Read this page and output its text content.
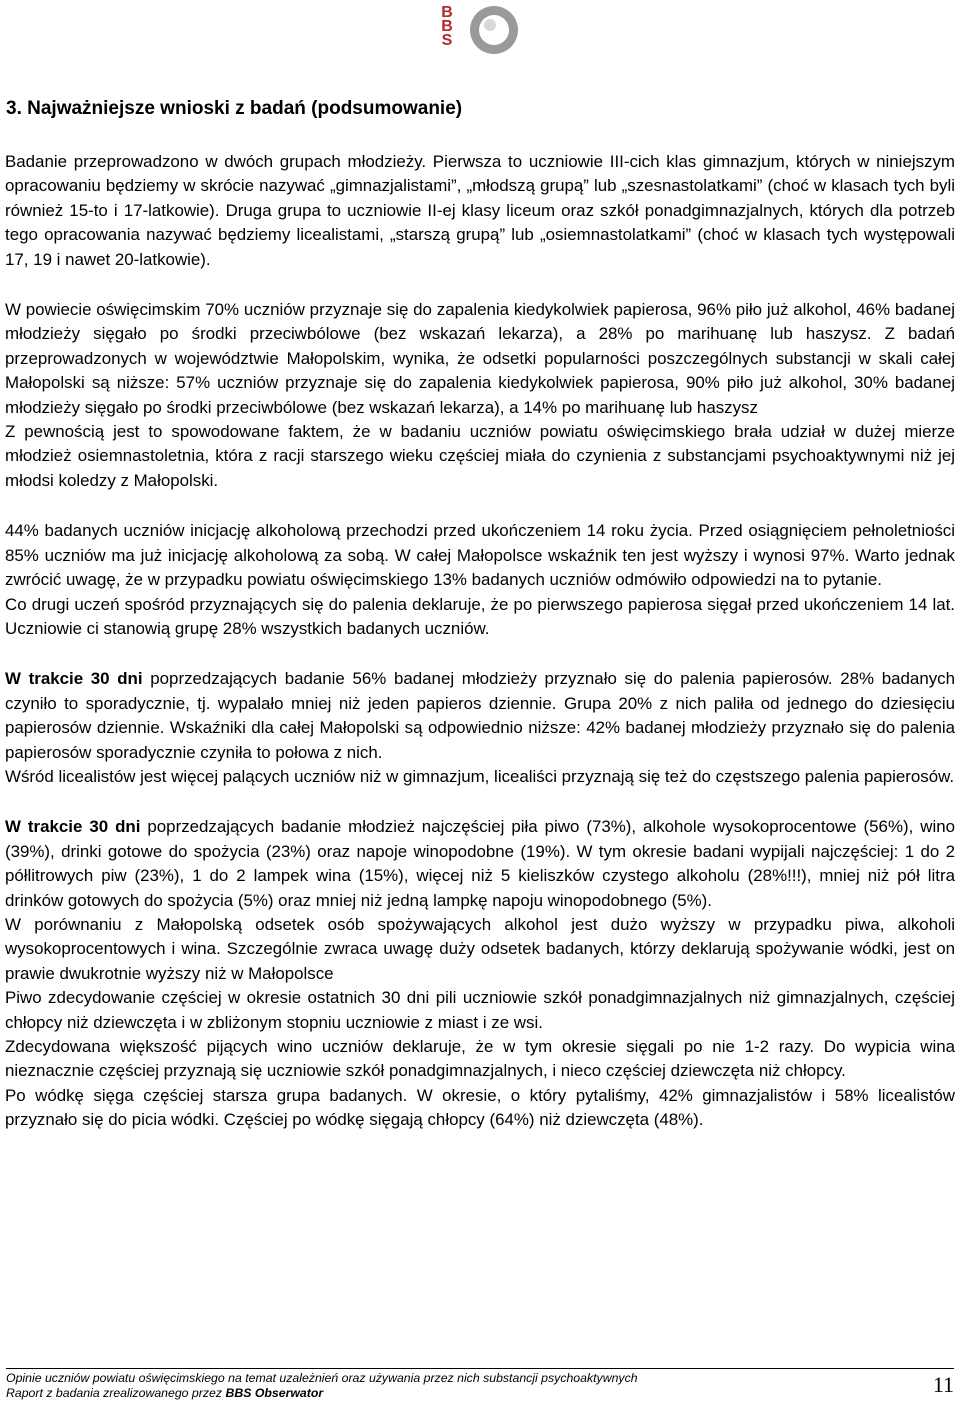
B
B
S
3. Najważniejsze wnioski z badań (podsumowanie)

Badanie przeprowadzono w dwóch grupach młodzieży. Pierwsza to uczniowie III-cich klas gimnazjum, których w niniejszym opracowaniu będziemy w skrócie nazywać „gimnazjalistami”, „młodszą grupą” lub „szesnastolatkami” (choć w klasach tych byli również 15-to i 17-latkowie). Druga grupa to uczniowie II-ej klasy liceum oraz szkół ponadgimnazjalnych, których dla potrzeb tego opracowania nazywać będziemy licealistami, „starszą grupą” lub „osiemnastolatkami” (choć w klasach tych występowali 17, 19 i nawet 20-latkowie).

W powiecie oświęcimskim 70% uczniów przyznaje się do zapalenia kiedykolwiek papierosa, 96% piło już alkohol, 46% badanej młodzieży sięgało po środki przeciwbólowe (bez wskazań lekarza), a 28% po marihuanę lub haszysz. Z badań przeprowadzonych w województwie Małopolskim, wynika, że odsetki popularności poszczególnych substancji w skali całej Małopolski są niższe: 57% uczniów przyznaje się do zapalenia kiedykolwiek papierosa, 90% piło już alkohol, 30% badanej młodzieży sięgało po środki przeciwbólowe (bez wskazań lekarza), a 14% po marihuanę lub haszysz
Z pewnością jest to spowodowane faktem, że w badaniu uczniów powiatu oświęcimskiego brała udział w dużej mierze młodzież osiemnastoletnia, która z racji starszego wieku częściej miała do czynienia z substancjami psychoaktywnymi niż jej młodsi koledzy z Małopolski.

44% badanych uczniów inicjację alkoholową przechodzi przed ukończeniem 14 roku życia. Przed osiągnięciem pełnoletniości 85% uczniów ma już inicjację alkoholową za sobą. W całej Małopolsce wskaźnik ten jest wyższy i wynosi 97%. Warto jednak zwrócić uwagę, że w przypadku powiatu oświęcimskiego 13% badanych uczniów odmówiło odpowiedzi na to pytanie.
Co drugi uczeń spośród przyznających się do palenia deklaruje, że po pierwszego papierosa sięgał przed ukończeniem 14 lat. Uczniowie ci stanowią grupę 28% wszystkich badanych uczniów.

W trakcie 30 dni poprzedzających badanie 56% badanej młodzieży przyznało się do palenia papierosów. 28% badanych czyniło to sporadycznie, tj. wypalało mniej niż jeden papieros dziennie. Grupa 20% z nich paliła od jednego do dziesięciu papierosów dziennie. Wskaźniki dla całej Małopolski są odpowiednio niższe: 42% badanej młodzieży przyznało się do palenia papierosów sporadycznie czyniła to połowa z nich.
Wśród licealistów jest więcej palących uczniów niż w gimnazjum, licealiści przyznają się też do częstszego palenia papierosów.

W trakcie 30 dni poprzedzających badanie młodzież najczęściej piła piwo (73%), alkohole wysokoprocentowe (56%), wino (39%), drinki gotowe do spożycia (23%) oraz napoje winopodobne (19%). W tym okresie badani wypijali najczęściej: 1 do 2 półlitrowych piw (23%), 1 do 2 lampek wina (15%), więcej niż 5 kieliszków czystego alkoholu (28%!!!), mniej niż pół litra drinków gotowych do spożycia (5%) oraz mniej niż jedną lampkę napoju winopodobnego (5%).
W porównaniu z Małopolską odsetek osób spożywających alkohol jest dużo wyższy w przypadku piwa, alkoholi wysokoprocentowych i wina. Szczególnie zwraca uwagę duży odsetek badanych, którzy deklarują spożywanie wódki, jest on prawie dwukrotnie wyższy niż w Małopolsce
Piwo zdecydowanie częściej w okresie ostatnich 30 dni pili uczniowie szkół ponadgimnazjalnych niż gimnazjalnych, częściej chłopcy niż dziewczęta i w zbliżonym stopniu uczniowie z miast i ze wsi.
Zdecydowana większość pijących wino uczniów deklaruje, że w tym okresie sięgali po nie 1-2 razy. Do wypicia wina nieznacznie częściej przyznają się uczniowie szkół ponadgimnazjalnych, i nieco częściej dziewczęta niż chłopcy.
Po wódkę sięga częściej starsza grupa badanych. W okresie, o który pytaliśmy, 42% gimnazjalistów i 58% licealistów przyznało się do picia wódki. Częściej po wódkę sięgają chłopcy (64%) niż dziewczęta (48%).

Opinie uczniów powiatu oświęcimskiego na temat uzależnień oraz używania przez nich substancji psychoaktywnych
Raport z badania zrealizowanego przez BBS Obserwator	11
